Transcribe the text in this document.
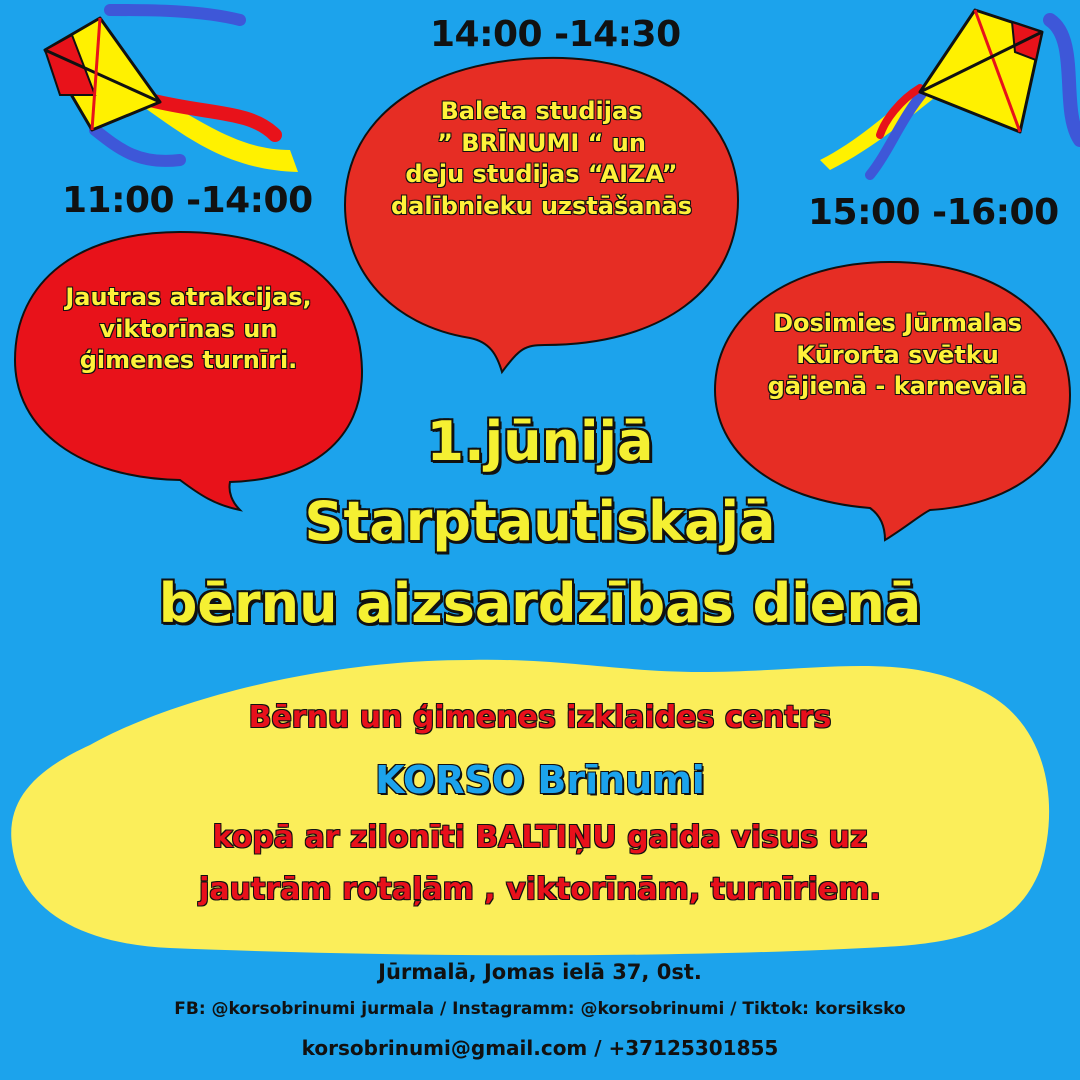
11:00 -14:00
14:00 -14:30
15:00 -16:00
Baleta studijas
” BRĪNUMI “ un
deju studijas “AIZA”
dalībnieku uzstāšanās
Jautras atrakcijas,
viktorīnas un
ģimenes turnīri.
Dosimies Jūrmalas
Kūrorta svētku
gājienā - karnevālā
1.jūnijā
Starptautiskajā
bērnu aizsardzības dienā
Bērnu un ģimenes izklaides centrs
KORSO Brīnumi
kopā ar zilonīti BALTIŅU gaida visus uz
jautrām rotaļām , viktorīnām, turnīriem.
Jūrmalā, Jomas ielā 37, 0st.
FB: @korsobrinumi jurmala / Instagramm: @korsobrinumi / Tiktok: korsiksko
korsobrinumi@gmail.com / +37125301855
